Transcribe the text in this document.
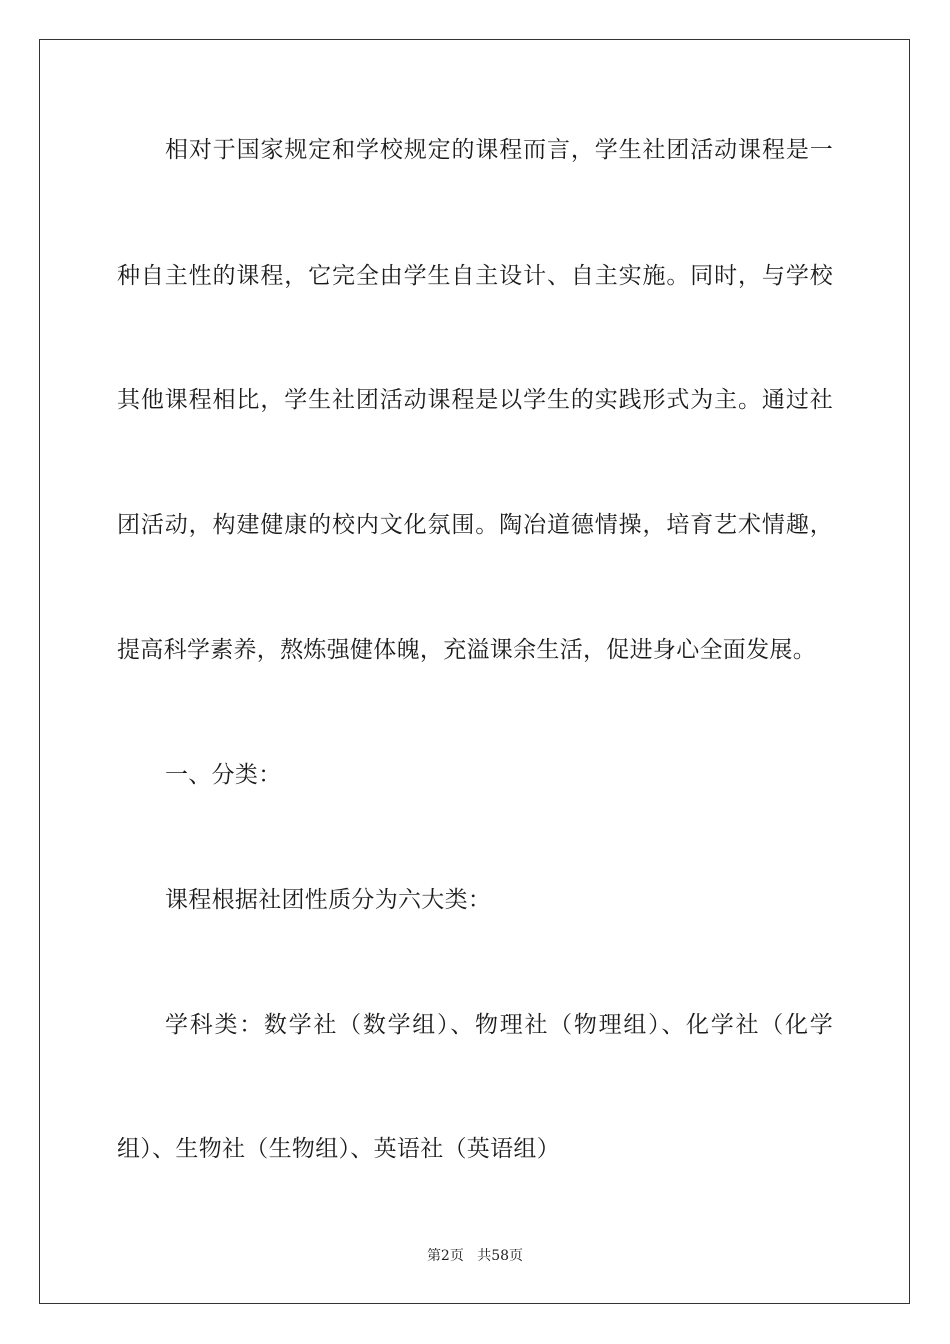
相对于国家规定和学校规定的课程而言，学生社团活动课程是一
种自主性的课程，它完全由学生自主设计、自主实施。同时，与学校
其他课程相比，学生社团活动课程是以学生的实践形式为主。通过社
团活动，构建健康的校内文化氛围。陶冶道德情操，培育艺术情趣，
提高科学素养，熬炼强健体魄，充溢课余生活，促进身心全面发展。
一、分类：
课程根据社团性质分为六大类：
学科类：数学社（数学组）、物理社（物理组）、化学社（化学
组）、生物社（生物组）、英语社（英语组）
第2页 共58页
